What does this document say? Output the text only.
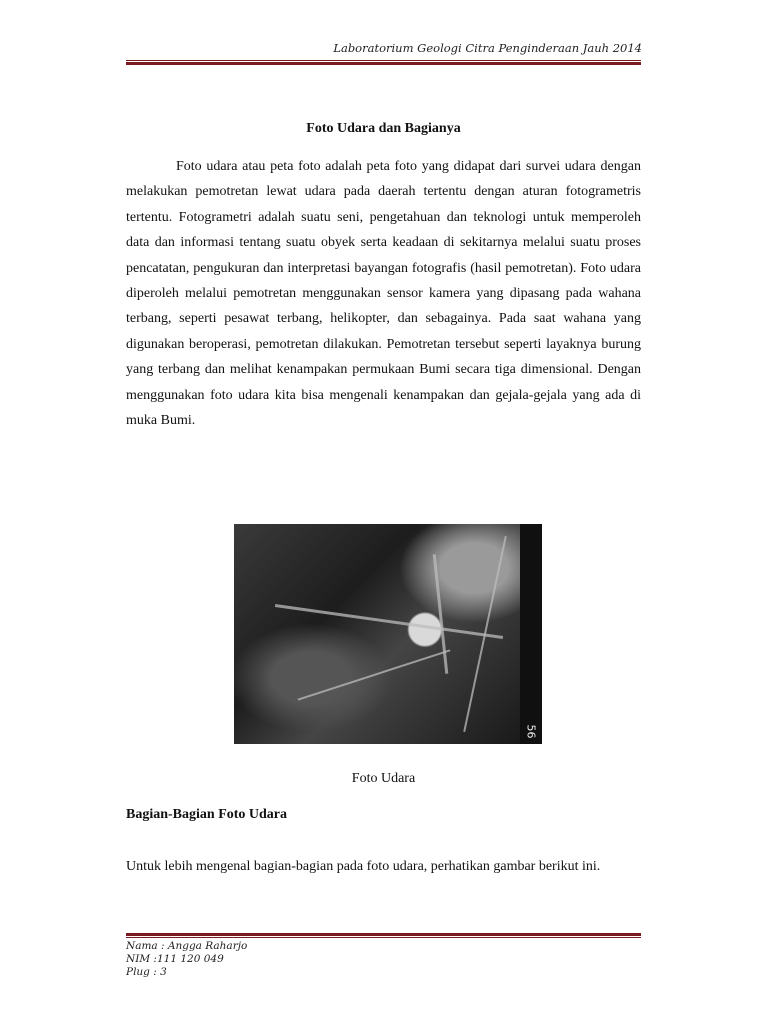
Laboratorium Geologi Citra Penginderaan Jauh 2014
Foto Udara dan Bagianya

Foto udara atau peta foto adalah peta foto yang didapat dari survei udara dengan melakukan pemotretan lewat udara pada daerah tertentu dengan aturan fotogrametris tertentu. Fotogrametri adalah suatu seni, pengetahuan dan teknologi untuk memperoleh data dan informasi tentang suatu obyek serta keadaan di sekitarnya melalui suatu proses pencatatan, pengukuran dan interpretasi bayangan fotografis (hasil pemotretan). Foto udara diperoleh melalui pemotretan menggunakan sensor kamera yang dipasang pada wahana terbang, seperti pesawat terbang, helikopter, dan sebagainya. Pada saat wahana yang digunakan beroperasi, pemotretan dilakukan. Pemotretan tersebut seperti layaknya burung yang terbang dan melihat kenampakan permukaan Bumi secara tiga dimensional. Dengan menggunakan foto udara kita bisa mengenali kenampakan dan gejala-gejala yang ada di muka Bumi.

56
Foto Udara
Bagian-Bagian Foto Udara

Untuk lebih mengenal bagian-bagian pada foto udara, perhatikan gambar berikut ini.

Nama : Angga Raharjo
NIM :111 120 049
Plug : 3
